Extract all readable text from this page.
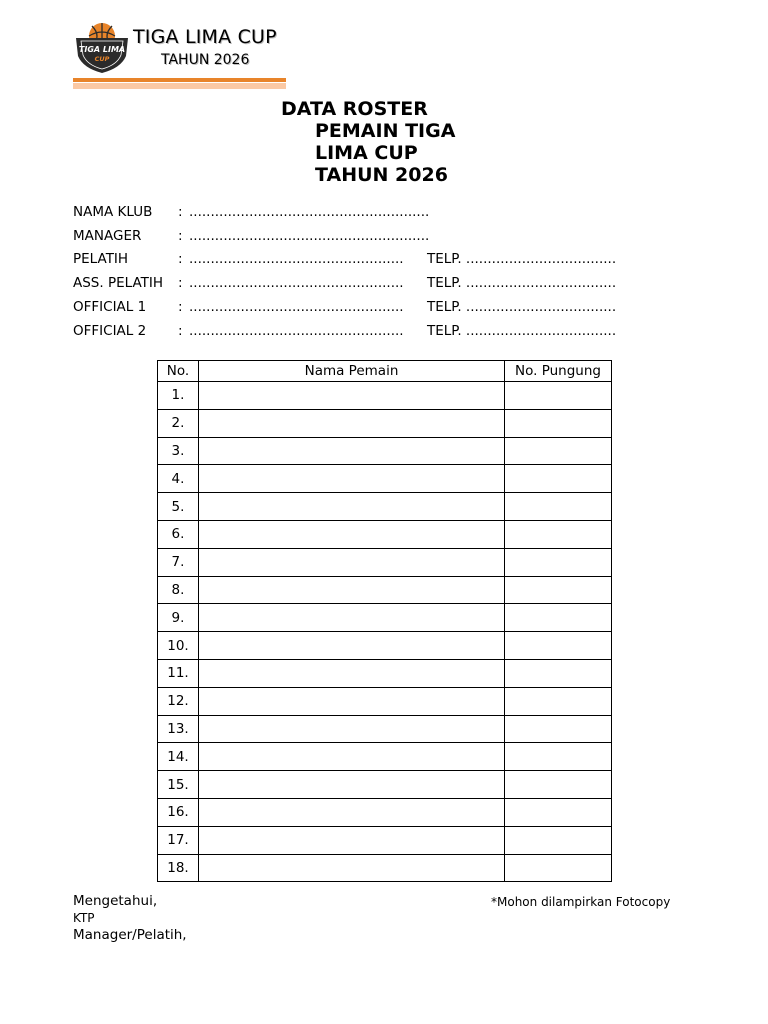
TIGA LIMA
CUP
TIGA LIMA CUP
TAHUN 2026
DATA ROSTER
PEMAIN TIGA
LIMA CUP
TAHUN 2026
NAMA KLUB : ........................................................
MANAGER	: ........................................................
PELATIH	: .................................................. TELP. ...................................
ASS. PELATIH : .................................................. TELP. ...................................
OFFICIAL 1 : .................................................. TELP. ...................................
OFFICIAL 2 : .................................................. TELP. ...................................
No.	Nama Pemain	No. Pungung
1.		
2.		
3.		
4.		
5.		
6.		
7.		
8.		
9.		
10.		
11.		
12.		
13.		
14.		
15.		
16.		
17.		
18.		
Mengetahui,
KTP
Manager/Pelatih,
*Mohon dilampirkan Fotocopy
